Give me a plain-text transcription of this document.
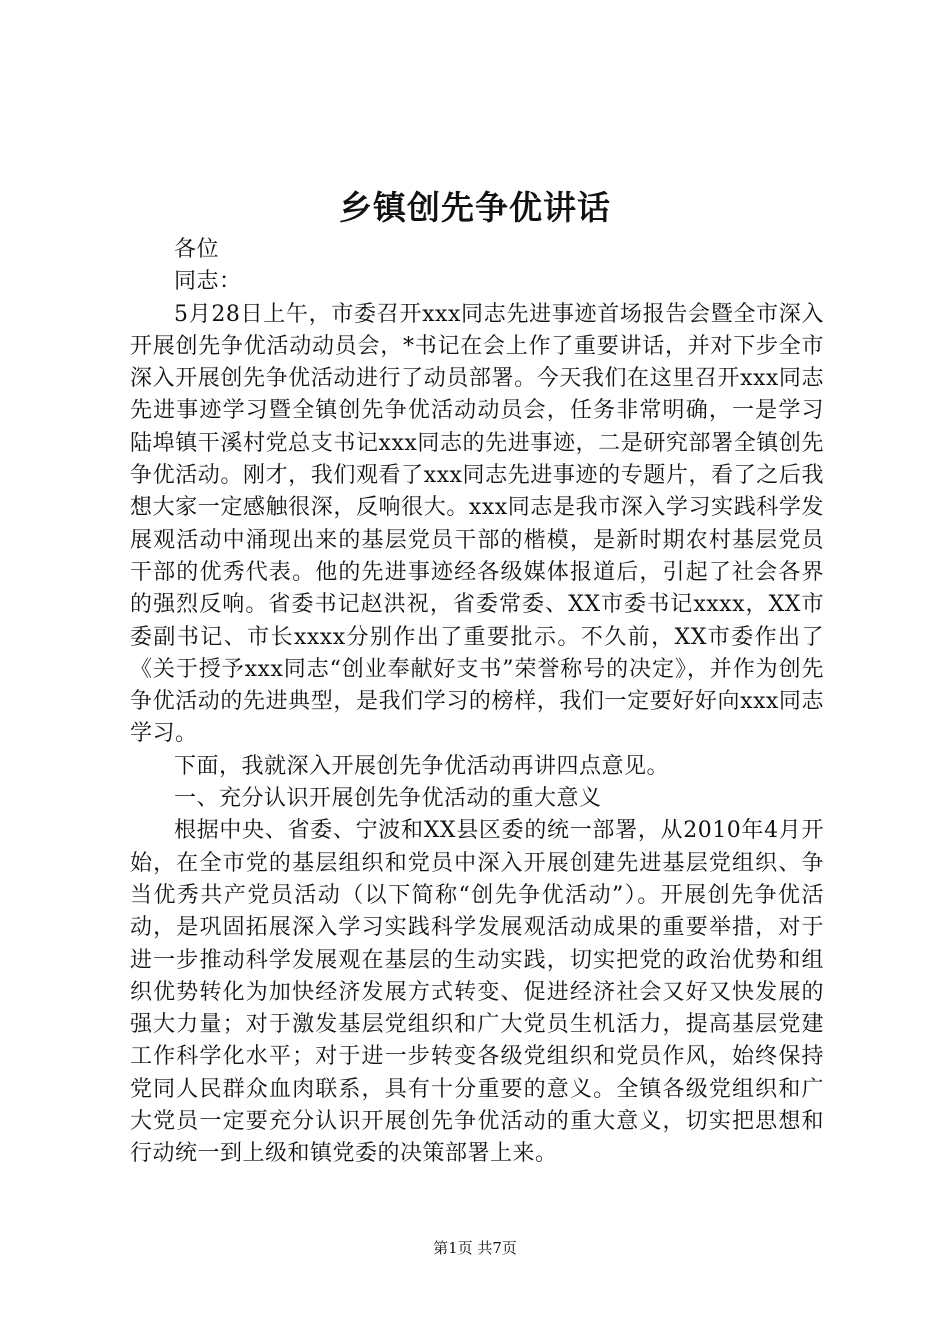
乡镇创先争优讲话

各位

同志：

5月28日上午，市委召开xxx同志先进事迹首场报告会暨全市深入开展创先争优活动动员会，*书记在会上作了重要讲话，并对下步全市深入开展创先争优活动进行了动员部署。今天我们在这里召开xxx同志先进事迹学习暨全镇创先争优活动动员会，任务非常明确，一是学习陆埠镇干溪村党总支书记xxx同志的先进事迹，二是研究部署全镇创先争优活动。刚才，我们观看了xxx同志先进事迹的专题片，看了之后我想大家一定感触很深，反响很大。xxx同志是我市深入学习实践科学发展观活动中涌现出来的基层党员干部的楷模，是新时期农村基层党员干部的优秀代表。他的先进事迹经各级媒体报道后，引起了社会各界的强烈反响。省委书记赵洪祝，省委常委、XX市委书记xxxx，XX市委副书记、市长xxxx分别作出了重要批示。不久前，XX市委作出了《关于授予xxx同志“创业奉献好支书”荣誉称号的决定》，并作为创先争优活动的先进典型，是我们学习的榜样，我们一定要好好向xxx同志学习。

下面，我就深入开展创先争优活动再讲四点意见。

一、充分认识开展创先争优活动的重大意义

根据中央、省委、宁波和XX县区委的统一部署，从2010年4月开始，在全市党的基层组织和党员中深入开展创建先进基层党组织、争当优秀共产党员活动（以下简称“创先争优活动”）。开展创先争优活动，是巩固拓展深入学习实践科学发展观活动成果的重要举措，对于进一步推动科学发展观在基层的生动实践，切实把党的政治优势和组织优势转化为加快经济发展方式转变、促进经济社会又好又快发展的强大力量；对于激发基层党组织和广大党员生机活力，提高基层党建工作科学化水平；对于进一步转变各级党组织和党员作风，始终保持党同人民群众血肉联系，具有十分重要的意义。全镇各级党组织和广大党员一定要充分认识开展创先争优活动的重大意义，切实把思想和行动统一到上级和镇党委的决策部署上来。

第1页 共7页
